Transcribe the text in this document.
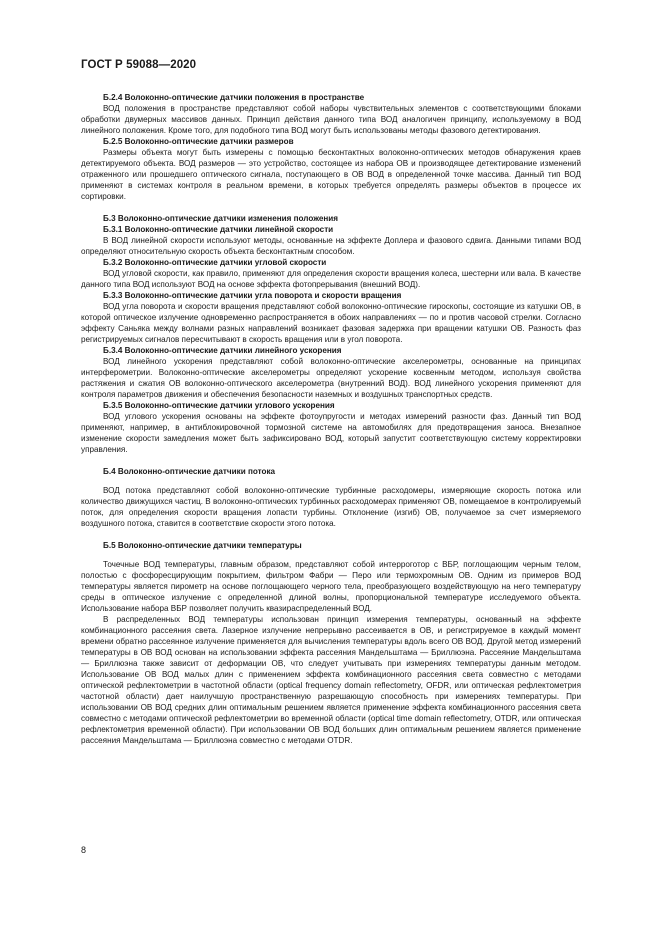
ГОСТ Р 59088—2020
Б.2.4 Волоконно-оптические датчики положения в пространстве

ВОД положения в пространстве представляют собой наборы чувствительных элементов с соответствующими блоками обработки двумерных массивов данных. Принцип действия данного типа ВОД аналогичен принципу, используемому в ВОД линейного положения. Кроме того, для подобного типа ВОД могут быть использованы методы фазового детектирования.

Б.2.5 Волоконно-оптические датчики размеров

Размеры объекта могут быть измерены с помощью бесконтактных волоконно-оптических методов обнаружения краев детектируемого объекта. ВОД размеров — это устройство, состоящее из набора ОВ и производящее детектирование изменений отраженного или прошедшего оптического сигнала, поступающего в ОВ ВОД в определенной точке массива. Данный тип ВОД применяют в системах контроля в реальном времени, в которых требуется определять размеры объектов в процессе их сортировки.

Б.3 Волоконно-оптические датчики изменения положения
Б.3.1 Волоконно-оптические датчики линейной скорости

В ВОД линейной скорости используют методы, основанные на эффекте Доплера и фазового сдвига. Данными типами ВОД определяют относительную скорость объекта бесконтактным способом.

Б.3.2 Волоконно-оптические датчики угловой скорости

ВОД угловой скорости, как правило, применяют для определения скорости вращения колеса, шестерни или вала. В качестве данного типа ВОД используют ВОД на основе эффекта фотопрерывания (внешний ВОД).

Б.3.3 Волоконно-оптические датчики угла поворота и скорости вращения

ВОД угла поворота и скорости вращения представляют собой волоконно-оптические гироскопы, состоящие из катушки ОВ, в которой оптическое излучение одновременно распространяется в обоих направлениях — по и против часовой стрелки. Согласно эффекту Саньяка между волнами разных направлений возникает фазовая задержка при вращении катушки ОВ. Разность фаз регистрируемых сигналов пересчитывают в скорость вращения или в угол поворота.

Б.3.4 Волоконно-оптические датчики линейного ускорения

ВОД линейного ускорения представляют собой волоконно-оптические акселерометры, основанные на принципах интерферометрии. Волоконно-оптические акселерометры определяют ускорение косвенным методом, используя свойства растяжения и сжатия ОВ волоконно-оптического акселерометра (внутренний ВОД). ВОД линейного ускорения применяют для контроля параметров движения и обеспечения безопасности наземных и воздушных транспортных средств.

Б.3.5 Волоконно-оптические датчики углового ускорения

ВОД углового ускорения основаны на эффекте фотоупругости и методах измерений разности фаз. Данный тип ВОД применяют, например, в антиблокировочной тормозной системе на автомобилях для предотвращения заноса. Внезапное изменение скорости замедления может быть зафиксировано ВОД, который запустит соответствующую систему корректировки управления.

Б.4 Волоконно-оптические датчики потока

ВОД потока представляют собой волоконно-оптические турбинные расходомеры, измеряющие скорость потока или количество движущихся частиц. В волоконно-оптических турбинных расходомерах применяют ОВ, помещаемое в контролируемый поток, для определения скорости вращения лопасти турбины. Отклонение (изгиб) ОВ, получаемое за счет измеряемого воздушного потока, ставится в соответствие скорости этого потока.

Б.5 Волоконно-оптические датчики температуры

Точечные ВОД температуры, главным образом, представляют собой интерроготор с ВБР, поглощающим черным телом, полостью с фосфоресцирующим покрытием, фильтром Фабри — Перо или термохромным ОВ. Одним из примеров ВОД температуры является пирометр на основе поглощающего черного тела, преобразующего воздействующую на него температуру среды в оптическое излучение с определенной длиной волны, пропорциональной температуре исследуемого объекта. Использование набора ВБР позволяет получить квазираспределенный ВОД.

В распределенных ВОД температуры использован принцип измерения температуры, основанный на эффекте комбинационного рассеяния света. Лазерное излучение непрерывно рассеивается в ОВ, и регистрируемое в каждый момент времени обратно рассеянное излучение применяется для вычисления температуры вдоль всего ОВ ВОД. Другой метод измерений температуры в ОВ ВОД основан на использовании эффекта рассеяния Мандельштама — Бриллюэна. Рассеяние Мандельштама — Бриллюэна также зависит от деформации ОВ, что следует учитывать при измерениях температуры данным методом. Использование ОВ ВОД малых длин с применением эффекта комбинационного рассеяния света совместно с методами оптической рефлектометрии в частотной области (optical frequency domain reflectometry, OFDR, или оптическая рефлектометрия частотной области) дает наилучшую пространственную разрешающую способность при измерениях температуры. При использовании ОВ ВОД средних длин оптимальным решением является применение эффекта комбинационного рассеяния света совместно с методами оптической рефлектометрии во временной области (optical time domain reflectometry, OTDR, или оптическая рефлектометрия временной области). При использовании ОВ ВОД больших длин оптимальным решением является применение рассеяния Мандельштама — Бриллюэна совместно с методами OTDR.

8
